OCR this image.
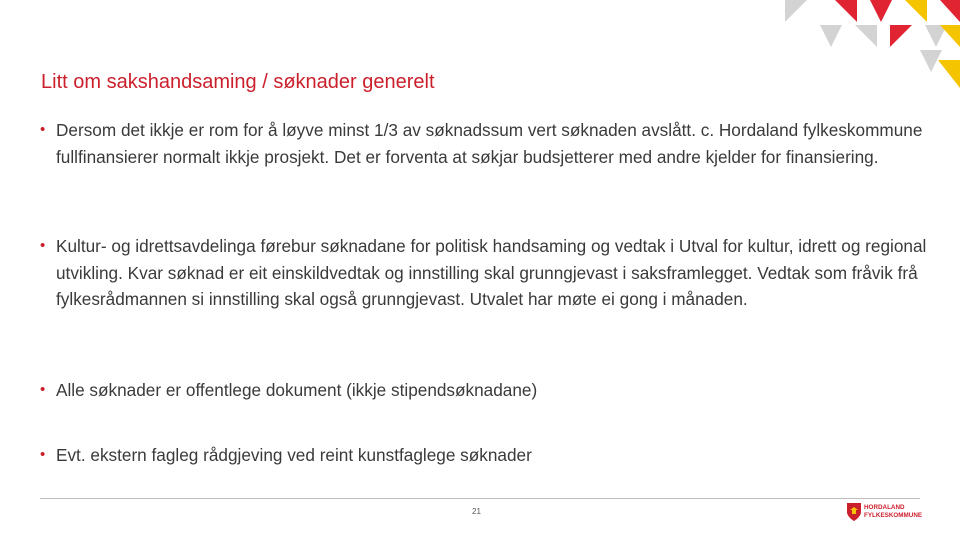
Litt om sakshandsaming / søknader generelt
• Dersom det ikkje er rom for å løyve minst 1/3 av søknadssum vert søknaden avslått. c. Hordaland fylkeskommune fullfinansierer normalt ikkje prosjekt. Det er forventa at søkjar budsjetterer med andre kjelder for finansiering.
• Kultur- og idrettsavdelinga førebur søknadane for politisk handsaming og vedtak i Utval for kultur, idrett og regional utvikling. Kvar søknad er eit einskildvedtak og innstilling skal grunngjevast i saksframlegget. Vedtak som fråvik frå fylkesrådmannen si innstilling skal også grunngjevast. Utvalet har møte ei gong i månaden.
• Alle søknader er offentlege dokument (ikkje stipendsøknadane)
• Evt. ekstern fagleg rådgjeving ved reint kunstfaglege søknader
21	HORDALAND
FYLKESKOMMUNE
